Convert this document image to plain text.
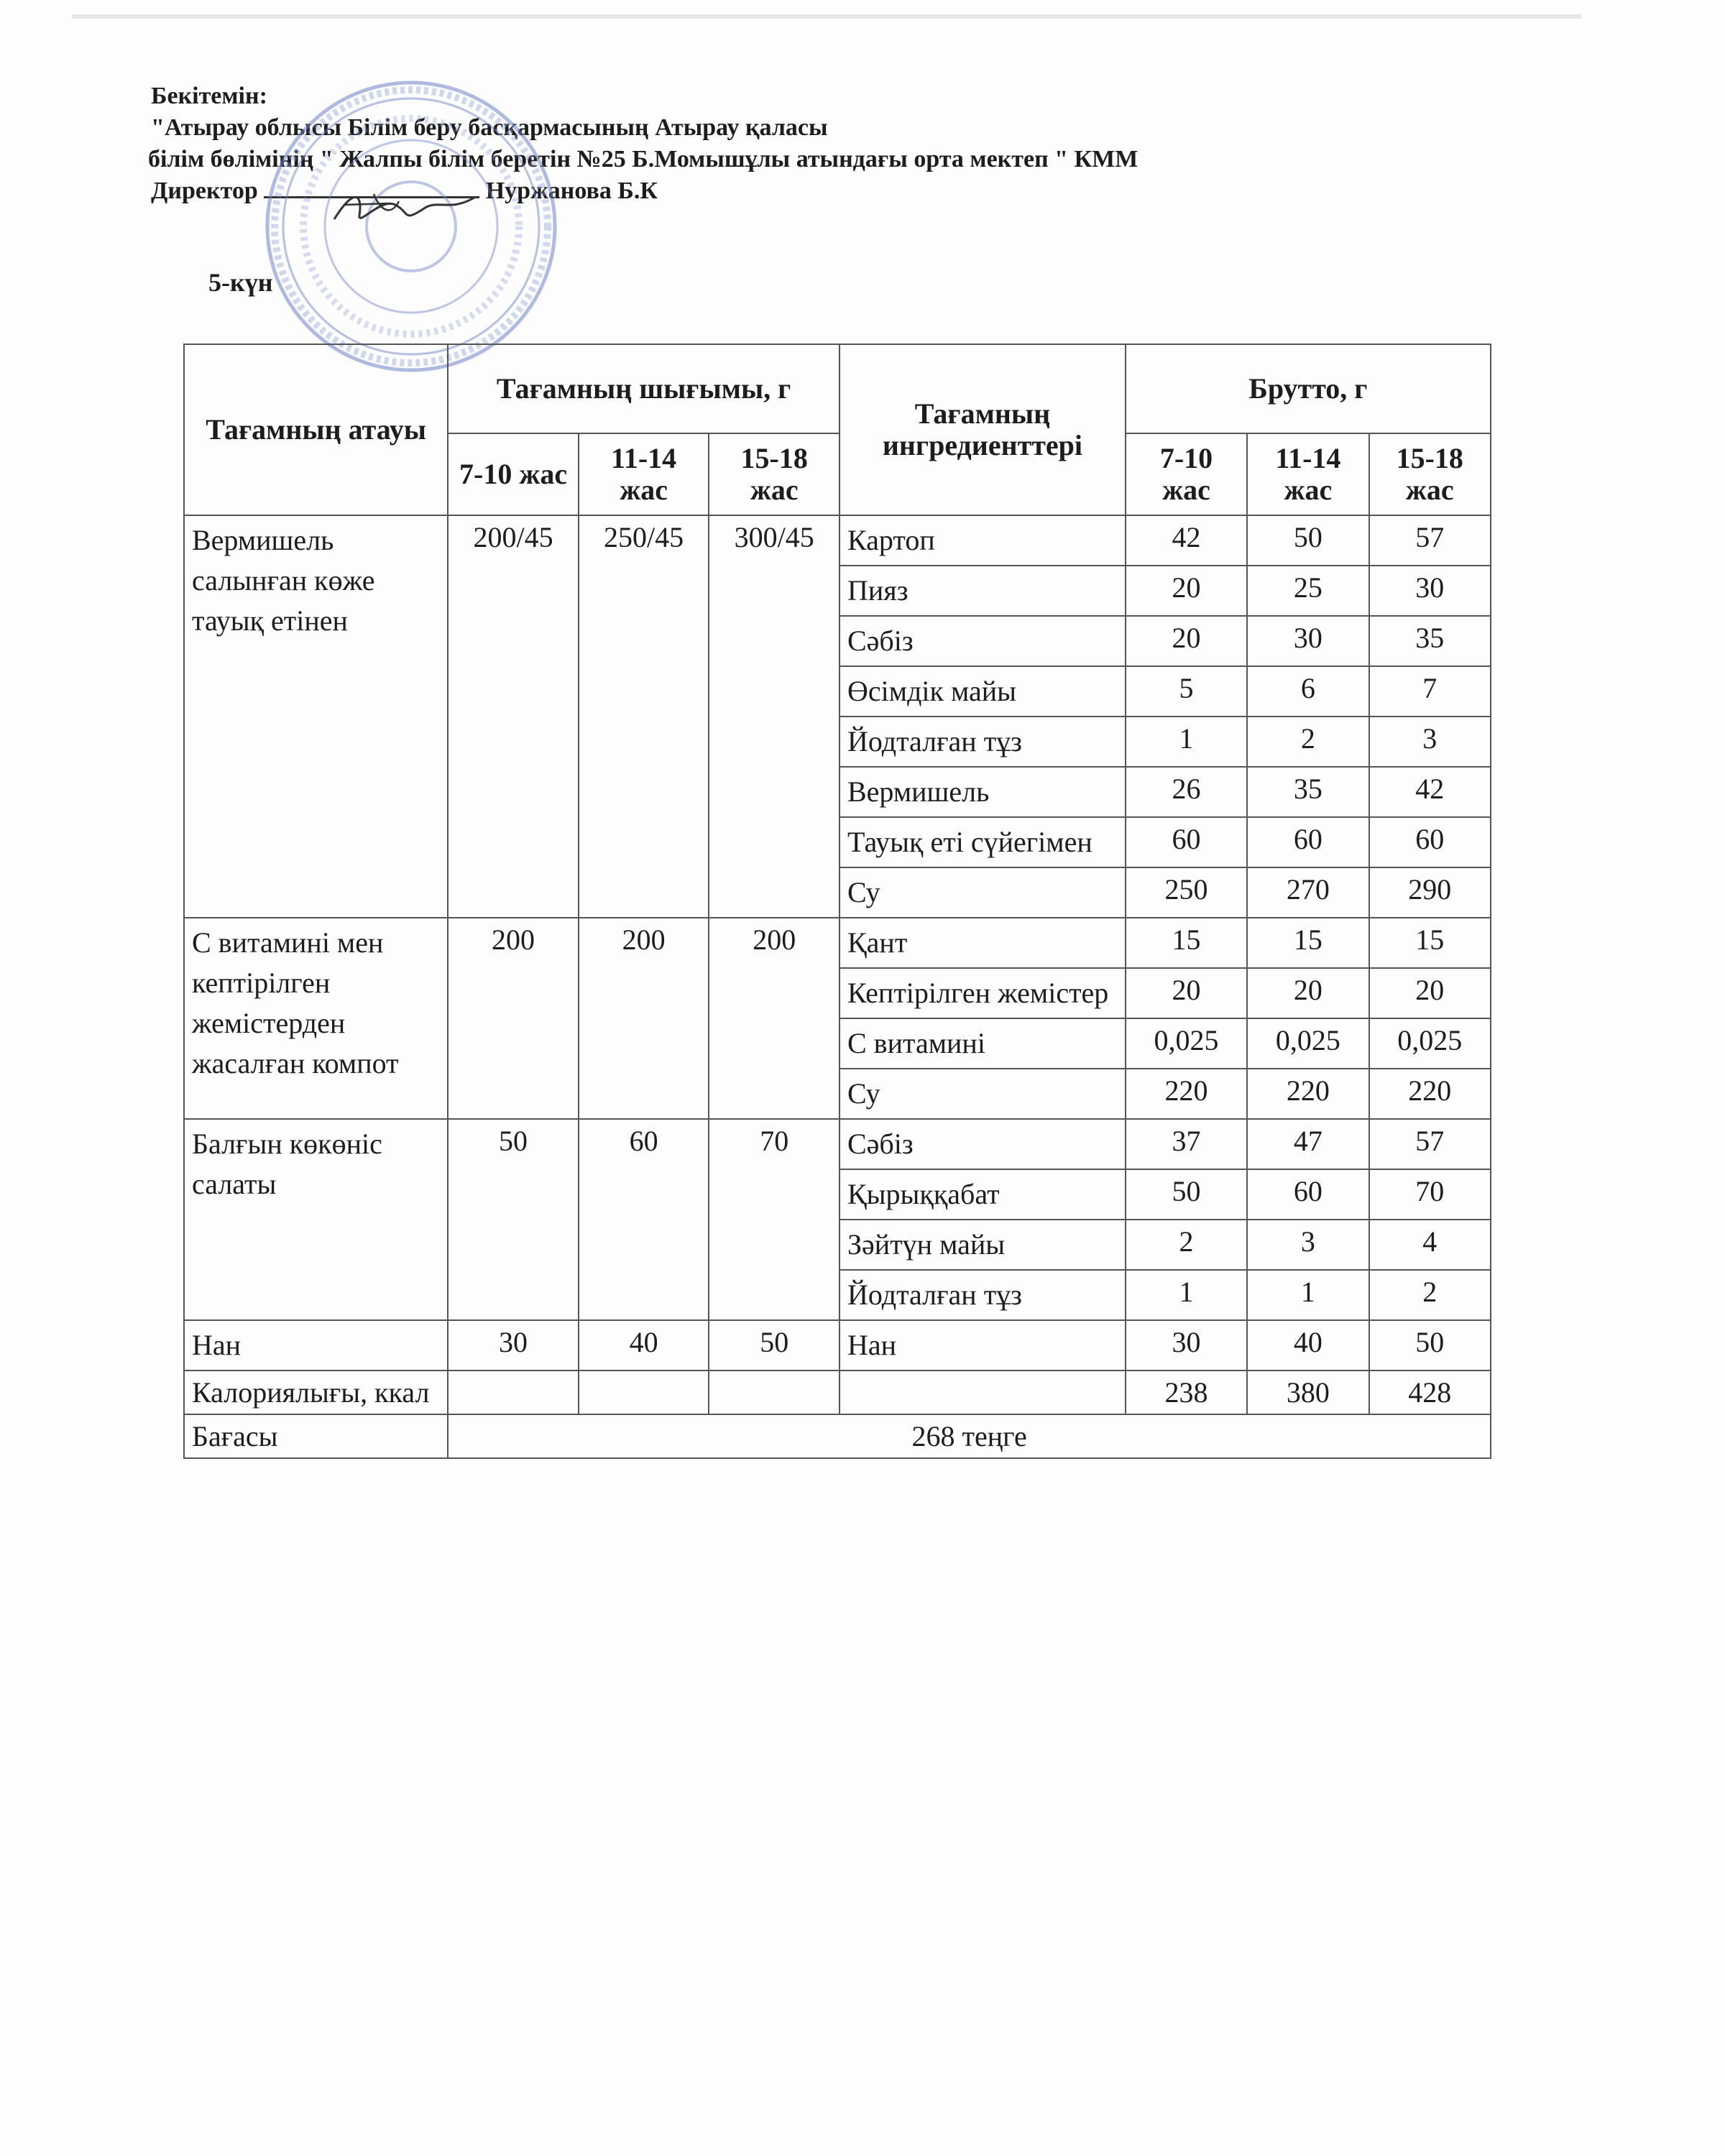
Бекітемін:
"Атырау облысы Білім беру басқармасының Атырау қаласы
білім бөлімінің " Жалпы білім беретін №25 Б.Момышұлы атындағы орта мектеп " КММ
Директор	Нуржанова Б.К
5-күн
Тағамның атауы	Тағамның шығымы, г			Тағамның ингредиенттері	Брутто, г		
	7-10 жас	11-14 жас	15-18 жас		7-10 жас	11-14 жас	15-18 жас
Вермишель салынған көже тауық етінен	200/45	250/45	300/45	Картоп	42	50	57
				Пияз	20	25	30
				Сәбіз	20	30	35
				Өсімдік майы	5	6	7
				Йодталған тұз	1	2	3
				Вермишель	26	35	42
				Тауық еті сүйегімен	60	60	60
				Су	250	270	290
С витамині мен кептірілген жемістерден жасалған компот	200	200	200	Қант	15	15	15
				Кептірілген жемістер	20	20	20
				С витамині	0,025	0,025	0,025
				Су	220	220	220
Балғын көкөніс салаты	50	60	70	Сәбіз	37	47	57
				Қырыққабат	50	60	70
				Зәйтүн майы	2	3	4
				Йодталған тұз	1	1	2
Нан	30	40	50	Нан	30	40	50
Калориялығы, ккал					238	380	428
Бағасы	268 теңге						
